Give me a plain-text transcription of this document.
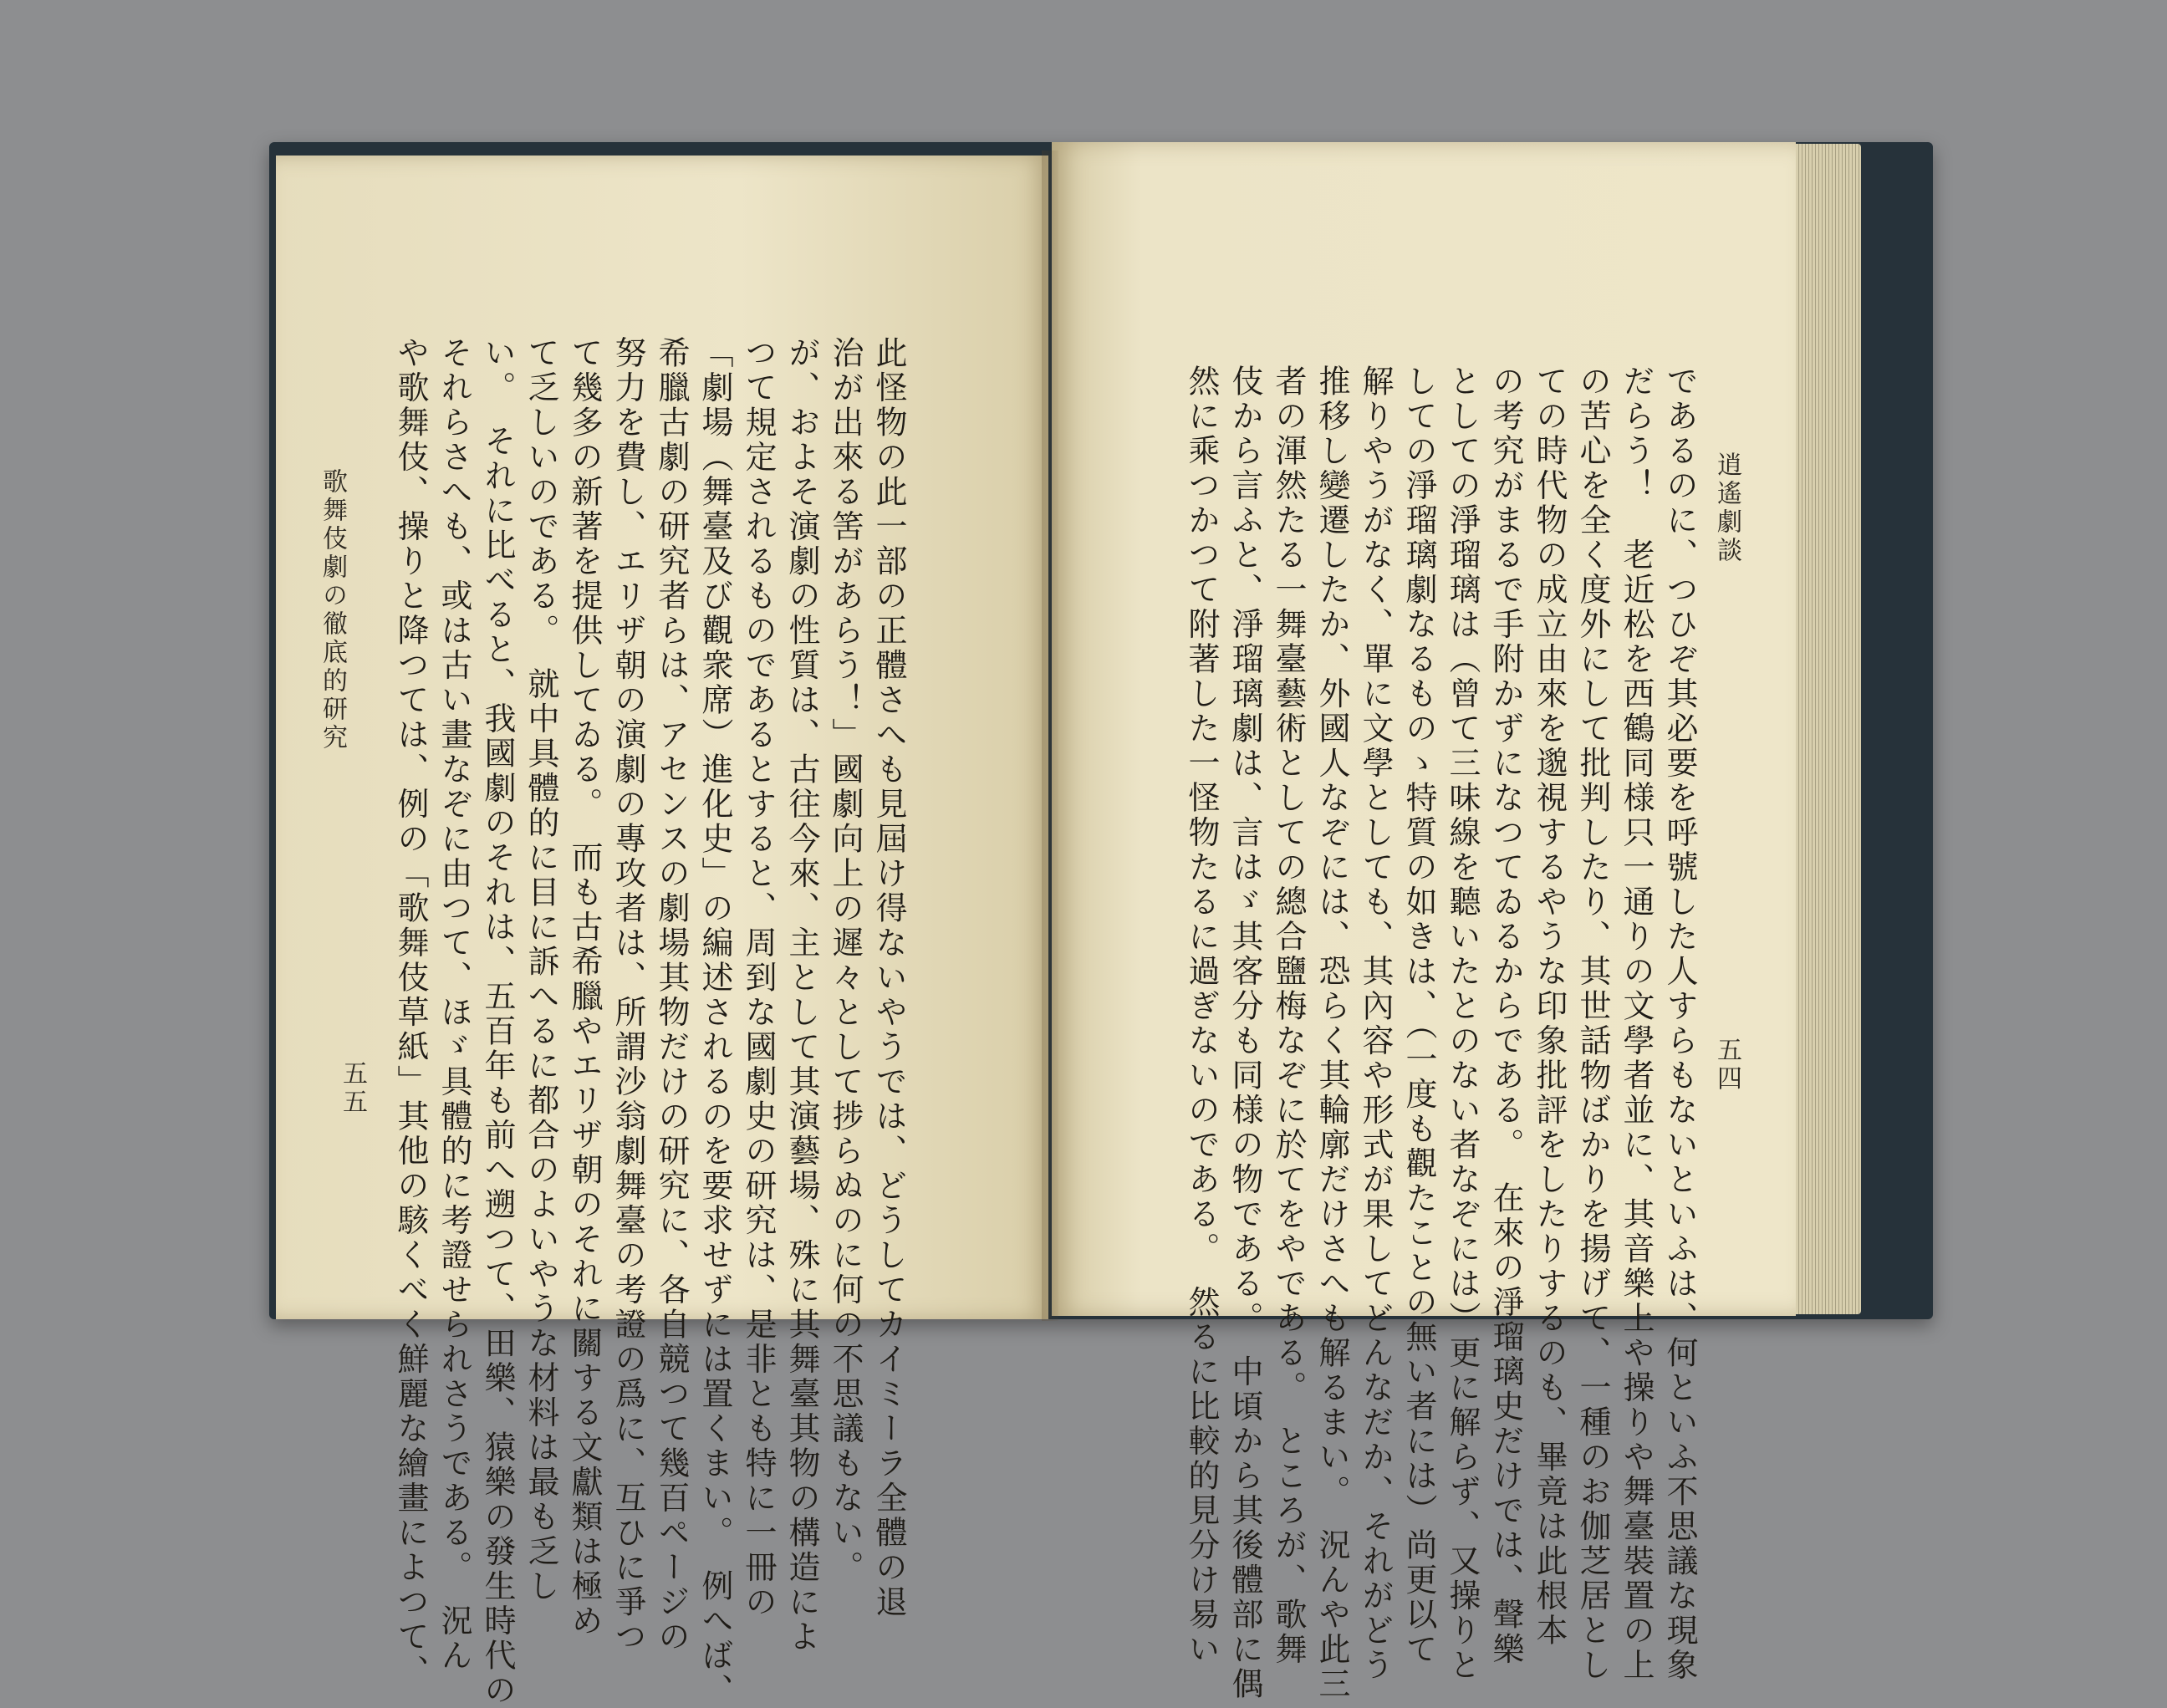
逍遙劇談
五四
であるのに、つひぞ其必要を呼號した人すらもないといふは、何といふ不思議な現象
だらう！　老近松を西鶴同様只一通りの文學者並に、其音樂上や操りや舞臺裝置の上
の苦心を全く度外にして批判したり、其世話物ばかりを揚げて、一種のお伽芝居とし
ての時代物の成立由來を邈視するやうな印象批評をしたりするのも、畢竟は此根本
の考究がまるで手附かずになつてゐるからである。　在來の淨瑠璃史だけでは、聲樂
としての淨瑠璃は（曾て三味線を聽いたとのない者なぞには）更に解らず、又操りと
しての淨瑠璃劇なるものゝ特質の如きは、（一度も觀たことの無い者には）尚更以て
解りやうがなく、單に文學としても、其內容や形式が果してどんなだか、それがどう
推移し變遷したか、外國人なぞには、恐らく其輪廓だけさへも解るまい。　況んや此三
者の渾然たる一舞臺藝術としての總合鹽梅なぞに於てをやである。　ところが、歌舞
伎から言ふと、淨瑠璃劇は、言はゞ其客分も同様の物である。　中頃から其後體部に偶
然に乘つかつて附著した一怪物たるに過ぎないのである。　然るに比較的見分け易い
此怪物の此一部の正體さへも見屆け得ないやうでは、どうしてカイミーラ全體の退
治が出來る筈があらう！」國劇向上の遲々として捗らぬのに何の不思議もない。
が、およそ演劇の性質は、古往今來、主として其演藝場、殊に其舞臺其物の構造によ
つて規定されるものであるとすると、周到な國劇史の研究は、是非とも特に一冊の
「劇場（舞臺及び觀衆席）進化史」の編述されるのを要求せずには置くまい。　例へば、
希臘古劇の研究者らは、アセンスの劇場其物だけの研究に、各自競つて幾百ページの
努力を費し、エリザ朝の演劇の專攻者は、所謂沙翁劇舞臺の考證の爲に、互ひに爭つ
て幾多の新著を提供してゐる。　而も古希臘やエリザ朝のそれに關する文獻類は極め
て乏しいのである。　就中具體的に目に訴へるに都合のよいやうな材料は最も乏し
い。　それに比べると、我國劇のそれは、五百年も前へ遡つて、田樂、猿樂の發生時代の
それらさへも、或は古い畫なぞに由つて、ほゞ具體的に考證せられさうである。　況ん
や歌舞伎、操りと降つては、例の「歌舞伎草紙」其他の駭くべく鮮麗な繪畫によつて、
歌舞伎劇の徹底的研究
五五
